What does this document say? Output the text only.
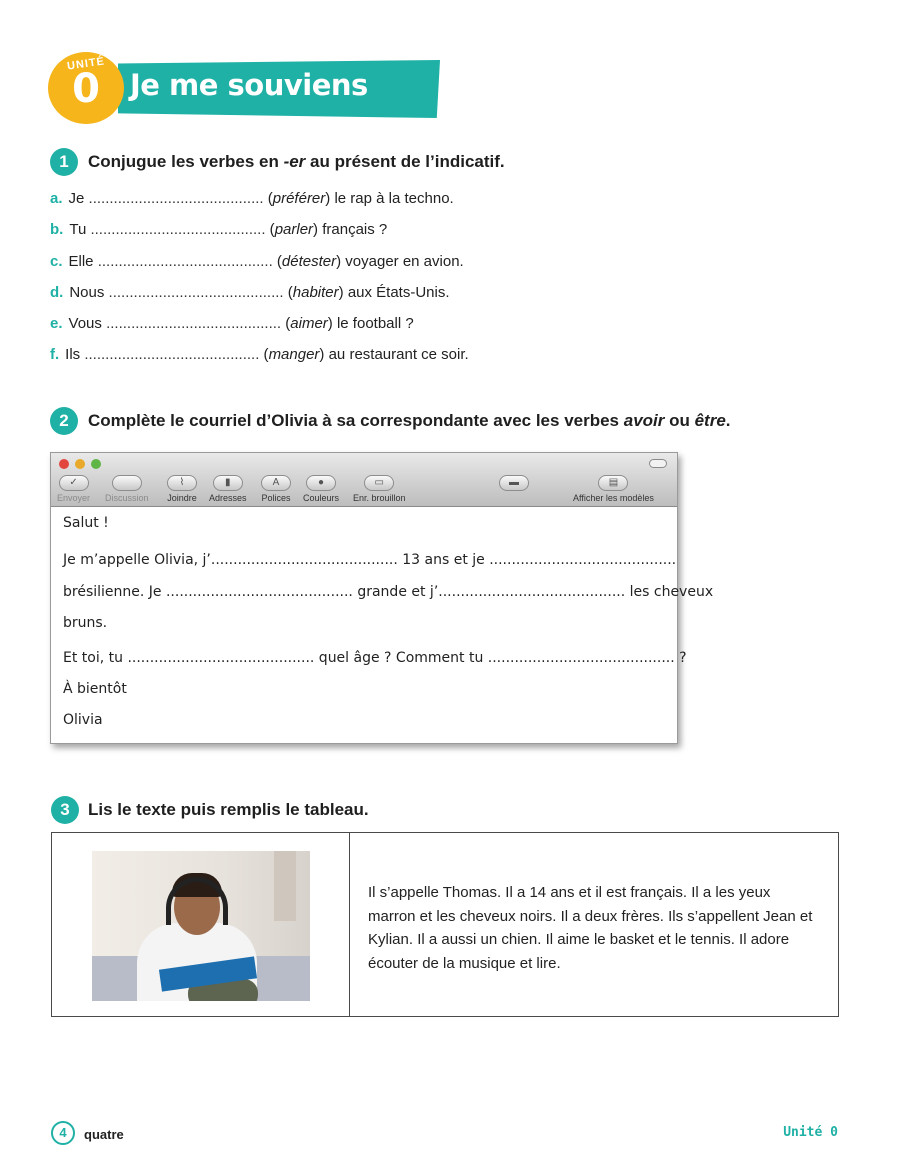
UNITÉ
0	Je me souviens
1	Conjugue les verbes en -er au présent de l’indicatif.
a. Je .......................................... (préférer) le rap à la techno.
b. Tu .......................................... (parler) français ?
c. Elle .......................................... (détester) voyager en avion.
d. Nous .......................................... (habiter) aux États-Unis.
e. Vous .......................................... (aimer) le football ?
f. Ils .......................................... (manger) au restaurant ce soir.
2	Complète le courriel d’Olivia à sa correspondante avec les verbes avoir ou être.
✓
Envoyer Discussion
⌇
Joindre
▮
Adresses
A
Polices
●
Couleurs
▭
Enr. brouillon
▬	▤
Afficher les modèles
Salut !
Je m’appelle Olivia, j’.......................................... 13 ans et je ..........................................
brésilienne. Je .......................................... grande et j’.......................................... les cheveux
bruns.
Et toi, tu .......................................... quel âge ? Comment tu .......................................... ?
À bientôt
Olivia
3	Lis le texte puis remplis le tableau.
Il s’appelle Thomas. Il a 14 ans et il est français. Il a les yeux marron et les cheveux noirs. Il a deux frères. Ils s’appellent Jean et Kylian. Il a aussi un chien. Il aime le basket et le tennis. Il adore écouter de la musique et lire.
4	quatre	Unité 0
